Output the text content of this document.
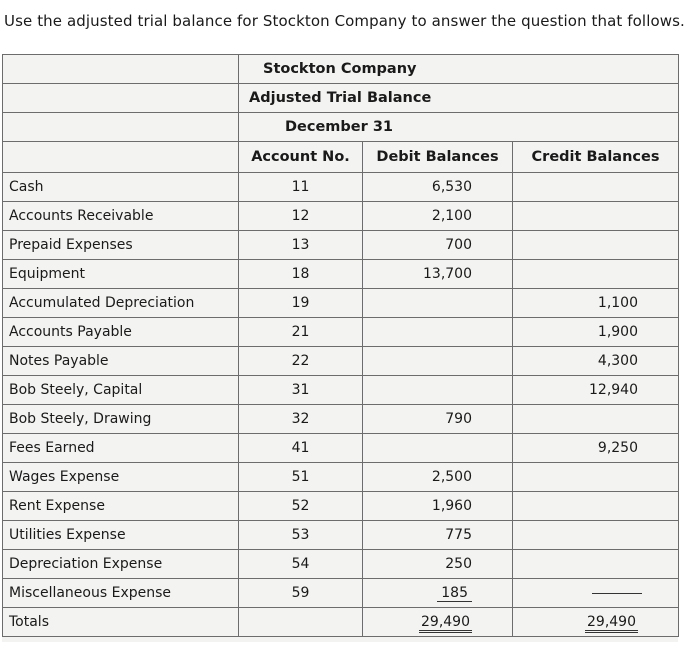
Use the adjusted trial balance for Stockton Company to answer the question that follows.
	Stockton Company		
	Adjusted Trial Balance		
	December 31		
	Account No.	Debit Balances	Credit Balances
Cash	11	6,530	
Accounts Receivable	12	2,100	
Prepaid Expenses	13	700	
Equipment	18	13,700	
Accumulated Depreciation	19		1,100
Accounts Payable	21		1,900
Notes Payable	22		4,300
Bob Steely, Capital	31		12,940
Bob Steely, Drawing	32	790	
Fees Earned	41		9,250
Wages Expense	51	2,500	
Rent Expense	52	1,960	
Utilities Expense	53	775	
Depreciation Expense	54	250	
Miscellaneous Expense	59	185	
Totals		29,490	29,490
